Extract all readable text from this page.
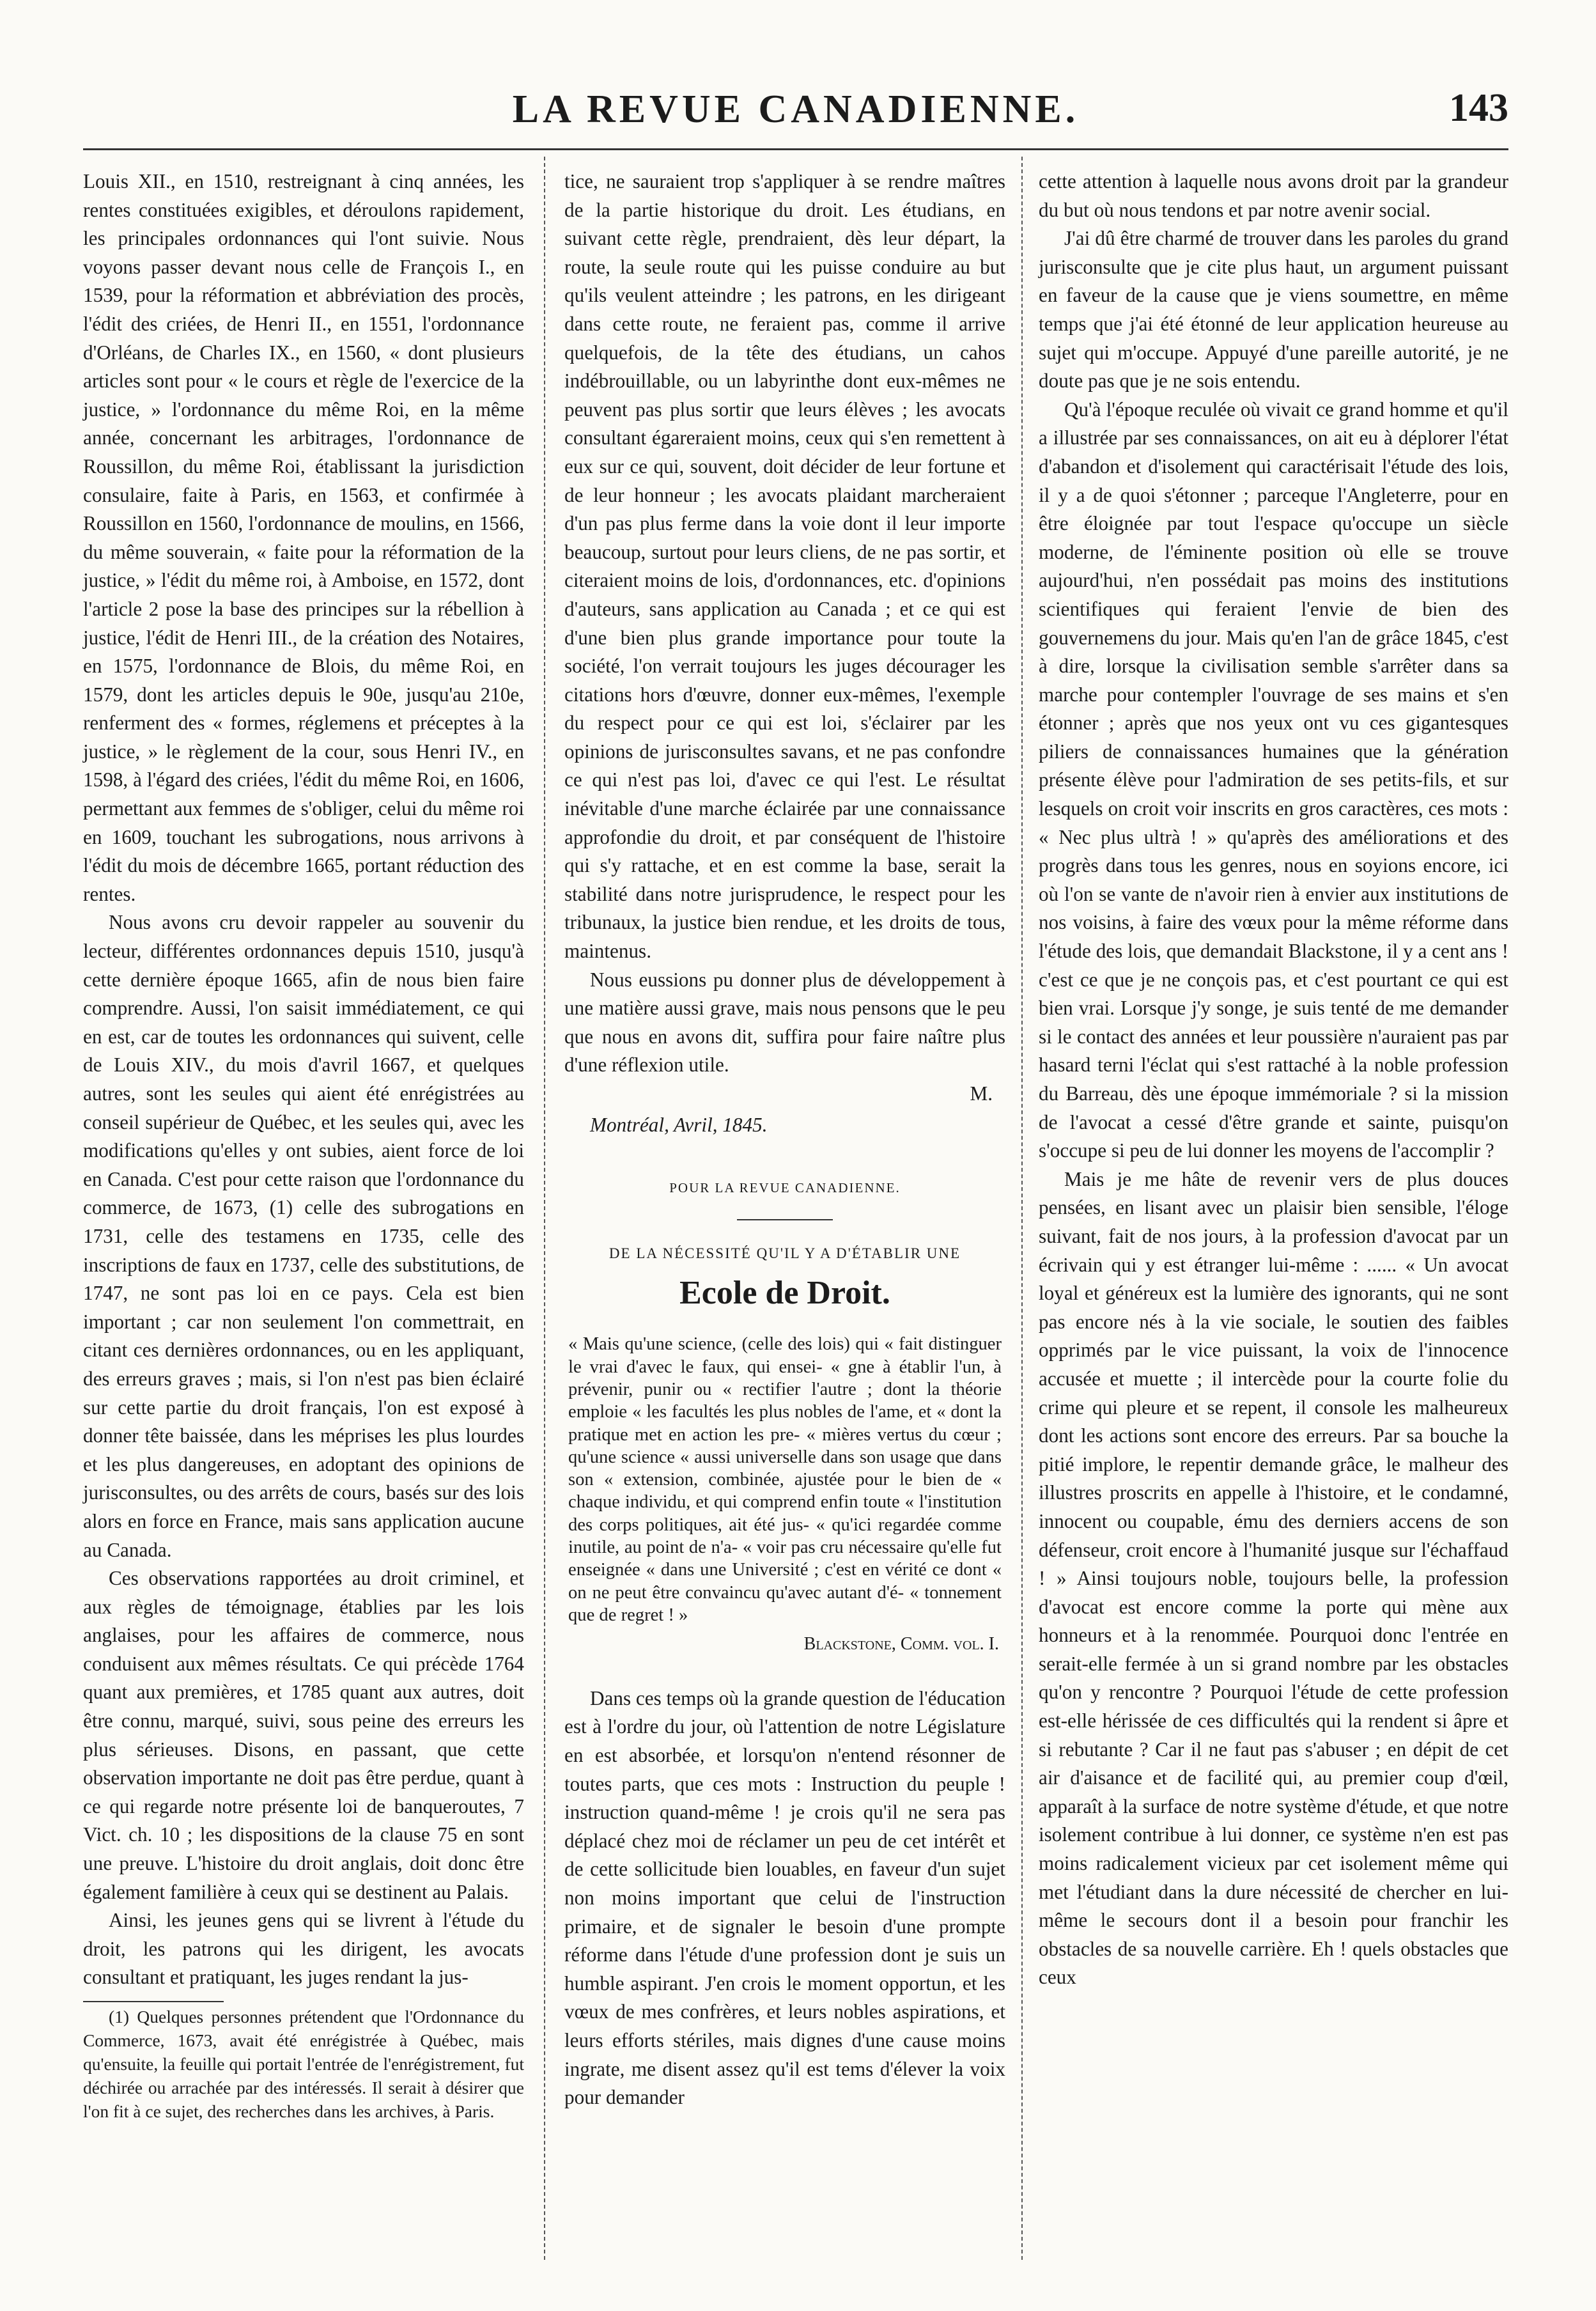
LA REVUE CANADIENNE.	143

Louis XII., en 1510, restreignant à cinq années, les rentes constituées exigibles, et déroulons rapidement, les principales ordonnances qui l'ont suivie. Nous voyons passer devant nous celle de François I., en 1539, pour la réformation et abbréviation des procès, l'édit des criées, de Henri II., en 1551, l'ordonnance d'Orléans, de Charles IX., en 1560, « dont plusieurs articles sont pour « le cours et règle de l'exercice de la justice, » l'ordonnance du même Roi, en la même année, concernant les arbitrages, l'ordonnance de Roussillon, du même Roi, établissant la jurisdiction consulaire, faite à Paris, en 1563, et confirmée à Roussillon en 1560, l'ordonnance de moulins, en 1566, du même souverain, « faite pour la réformation de la justice, » l'édit du même roi, à Amboise, en 1572, dont l'article 2 pose la base des principes sur la rébellion à justice, l'édit de Henri III., de la création des Notaires, en 1575, l'ordonnance de Blois, du même Roi, en 1579, dont les articles depuis le 90e, jusqu'au 210e, renferment des « formes, réglemens et préceptes à la justice, » le règlement de la cour, sous Henri IV., en 1598, à l'égard des criées, l'édit du même Roi, en 1606, permettant aux femmes de s'obliger, celui du même roi en 1609, touchant les subrogations, nous arrivons à l'édit du mois de décembre 1665, portant réduction des rentes.

Nous avons cru devoir rappeler au souvenir du lecteur, différentes ordonnances depuis 1510, jusqu'à cette dernière époque 1665, afin de nous bien faire comprendre. Aussi, l'on saisit immédiatement, ce qui en est, car de toutes les ordonnances qui suivent, celle de Louis XIV., du mois d'avril 1667, et quelques autres, sont les seules qui aient été enrégistrées au conseil supérieur de Québec, et les seules qui, avec les modifications qu'elles y ont subies, aient force de loi en Canada. C'est pour cette raison que l'ordonnance du commerce, de 1673, (1) celle des subrogations en 1731, celle des testamens en 1735, celle des inscriptions de faux en 1737, celle des substitutions, de 1747, ne sont pas loi en ce pays. Cela est bien important ; car non seulement l'on commettrait, en citant ces dernières ordonnances, ou en les appliquant, des erreurs graves ; mais, si l'on n'est pas bien éclairé sur cette partie du droit français, l'on est exposé à donner tête baissée, dans les méprises les plus lourdes et les plus dangereuses, en adoptant des opinions de jurisconsultes, ou des arrêts de cours, basés sur des lois alors en force en France, mais sans application aucune au Canada.

Ces observations rapportées au droit criminel, et aux règles de témoignage, établies par les lois anglaises, pour les affaires de commerce, nous conduisent aux mêmes résultats. Ce qui précède 1764 quant aux premières, et 1785 quant aux autres, doit être connu, marqué, suivi, sous peine des erreurs les plus sérieuses. Disons, en passant, que cette observation importante ne doit pas être perdue, quant à ce qui regarde notre présente loi de banqueroutes, 7 Vict. ch. 10 ; les dispositions de la clause 75 en sont une preuve. L'histoire du droit anglais, doit donc être également familière à ceux qui se destinent au Palais.

Ainsi, les jeunes gens qui se livrent à l'étude du droit, les patrons qui les dirigent, les avocats consultant et pratiquant, les juges rendant la jus-

(1) Quelques personnes prétendent que l'Ordonnance du Commerce, 1673, avait été enrégistrée à Québec, mais qu'ensuite, la feuille qui portait l'entrée de l'enrégistrement, fut déchirée ou arrachée par des intéressés. Il serait à désirer que l'on fit à ce sujet, des recherches dans les archives, à Paris.

tice, ne sauraient trop s'appliquer à se rendre maîtres de la partie historique du droit. Les étudians, en suivant cette règle, prendraient, dès leur départ, la route, la seule route qui les puisse conduire au but qu'ils veulent atteindre ; les patrons, en les dirigeant dans cette route, ne feraient pas, comme il arrive quelquefois, de la tête des étudians, un cahos indébrouillable, ou un labyrinthe dont eux-mêmes ne peuvent pas plus sortir que leurs élèves ; les avocats consultant égareraient moins, ceux qui s'en remettent à eux sur ce qui, souvent, doit décider de leur fortune et de leur honneur ; les avocats plaidant marcheraient d'un pas plus ferme dans la voie dont il leur importe beaucoup, surtout pour leurs cliens, de ne pas sortir, et citeraient moins de lois, d'ordonnances, etc. d'opinions d'auteurs, sans application au Canada ; et ce qui est d'une bien plus grande importance pour toute la société, l'on verrait toujours les juges décourager les citations hors d'œuvre, donner eux-mêmes, l'exemple du respect pour ce qui est loi, s'éclairer par les opinions de jurisconsultes savans, et ne pas confondre ce qui n'est pas loi, d'avec ce qui l'est. Le résultat inévitable d'une marche éclairée par une connaissance approfondie du droit, et par conséquent de l'histoire qui s'y rattache, et en est comme la base, serait la stabilité dans notre jurisprudence, le respect pour les tribunaux, la justice bien rendue, et les droits de tous, maintenus.

Nous eussions pu donner plus de développement à une matière aussi grave, mais nous pensons que le peu que nous en avons dit, suffira pour faire naître plus d'une réflexion utile.

M.

Montréal, Avril, 1845.

POUR LA REVUE CANADIENNE.
DE LA NÉCESSITÉ QU'IL Y A D'ÉTABLIR UNE
Ecole de Droit.

« Mais qu'une science, (celle des lois) qui « fait distinguer le vrai d'avec le faux, qui ensei- « gne à établir l'un, à prévenir, punir ou « rectifier l'autre ; dont la théorie emploie « les facultés les plus nobles de l'ame, et « dont la pratique met en action les pre- « mières vertus du cœur ; qu'une science « aussi universelle dans son usage que dans son « extension, combinée, ajustée pour le bien de « chaque individu, et qui comprend enfin toute « l'institution des corps politiques, ait été jus- « qu'ici regardée comme inutile, au point de n'a- « voir pas cru nécessaire qu'elle fut enseignée « dans une Université ; c'est en vérité ce dont « on ne peut être convaincu qu'avec autant d'é- « tonnement que de regret ! »

Blackstone, Comm. vol. I.

Dans ces temps où la grande question de l'éducation est à l'ordre du jour, où l'attention de notre Législature en est absorbée, et lorsqu'on n'entend résonner de toutes parts, que ces mots : Instruction du peuple ! instruction quand-même ! je crois qu'il ne sera pas déplacé chez moi de réclamer un peu de cet intérêt et de cette sollicitude bien louables, en faveur d'un sujet non moins important que celui de l'instruction primaire, et de signaler le besoin d'une prompte réforme dans l'étude d'une profession dont je suis un humble aspirant. J'en crois le moment opportun, et les vœux de mes confrères, et leurs nobles aspirations, et leurs efforts stériles, mais dignes d'une cause moins ingrate, me disent assez qu'il est tems d'élever la voix pour demander

cette attention à laquelle nous avons droit par la grandeur du but où nous tendons et par notre avenir social.

J'ai dû être charmé de trouver dans les paroles du grand jurisconsulte que je cite plus haut, un argument puissant en faveur de la cause que je viens soumettre, en même temps que j'ai été étonné de leur application heureuse au sujet qui m'occupe. Appuyé d'une pareille autorité, je ne doute pas que je ne sois entendu.

Qu'à l'époque reculée où vivait ce grand homme et qu'il a illustrée par ses connaissances, on ait eu à déplorer l'état d'abandon et d'isolement qui caractérisait l'étude des lois, il y a de quoi s'étonner ; parceque l'Angleterre, pour en être éloignée par tout l'espace qu'occupe un siècle moderne, de l'éminente position où elle se trouve aujourd'hui, n'en possédait pas moins des institutions scientifiques qui feraient l'envie de bien des gouvernemens du jour. Mais qu'en l'an de grâce 1845, c'est à dire, lorsque la civilisation semble s'arrêter dans sa marche pour contempler l'ouvrage de ses mains et s'en étonner ; après que nos yeux ont vu ces gigantesques piliers de connaissances humaines que la génération présente élève pour l'admiration de ses petits-fils, et sur lesquels on croit voir inscrits en gros caractères, ces mots : « Nec plus ultrà ! » qu'après des améliorations et des progrès dans tous les genres, nous en soyions encore, ici où l'on se vante de n'avoir rien à envier aux institutions de nos voisins, à faire des vœux pour la même réforme dans l'étude des lois, que demandait Blackstone, il y a cent ans ! c'est ce que je ne conçois pas, et c'est pourtant ce qui est bien vrai. Lorsque j'y songe, je suis tenté de me demander si le contact des années et leur poussière n'auraient pas par hasard terni l'éclat qui s'est rattaché à la noble profession du Barreau, dès une époque immémoriale ? si la mission de l'avocat a cessé d'être grande et sainte, puisqu'on s'occupe si peu de lui donner les moyens de l'accomplir ?

Mais je me hâte de revenir vers de plus douces pensées, en lisant avec un plaisir bien sensible, l'éloge suivant, fait de nos jours, à la profession d'avocat par un écrivain qui y est étranger lui-même : ...... « Un avocat loyal et généreux est la lumière des ignorants, qui ne sont pas encore nés à la vie sociale, le soutien des faibles opprimés par le vice puissant, la voix de l'innocence accusée et muette ; il intercède pour la courte folie du crime qui pleure et se repent, il console les malheureux dont les actions sont encore des erreurs. Par sa bouche la pitié implore, le repentir demande grâce, le malheur des illustres proscrits en appelle à l'histoire, et le condamné, innocent ou coupable, ému des derniers accens de son défenseur, croit encore à l'humanité jusque sur l'échaffaud ! » Ainsi toujours noble, toujours belle, la profession d'avocat est encore comme la porte qui mène aux honneurs et à la renommée. Pourquoi donc l'entrée en serait-elle fermée à un si grand nombre par les obstacles qu'on y rencontre ? Pourquoi l'étude de cette profession est-elle hérissée de ces difficultés qui la rendent si âpre et si rebutante ? Car il ne faut pas s'abuser ; en dépit de cet air d'aisance et de facilité qui, au premier coup d'œil, apparaît à la surface de notre système d'étude, et que notre isolement contribue à lui donner, ce système n'en est pas moins radicalement vicieux par cet isolement même qui met l'étudiant dans la dure nécessité de chercher en lui-même le secours dont il a besoin pour franchir les obstacles de sa nouvelle carrière. Eh ! quels obstacles que ceux
